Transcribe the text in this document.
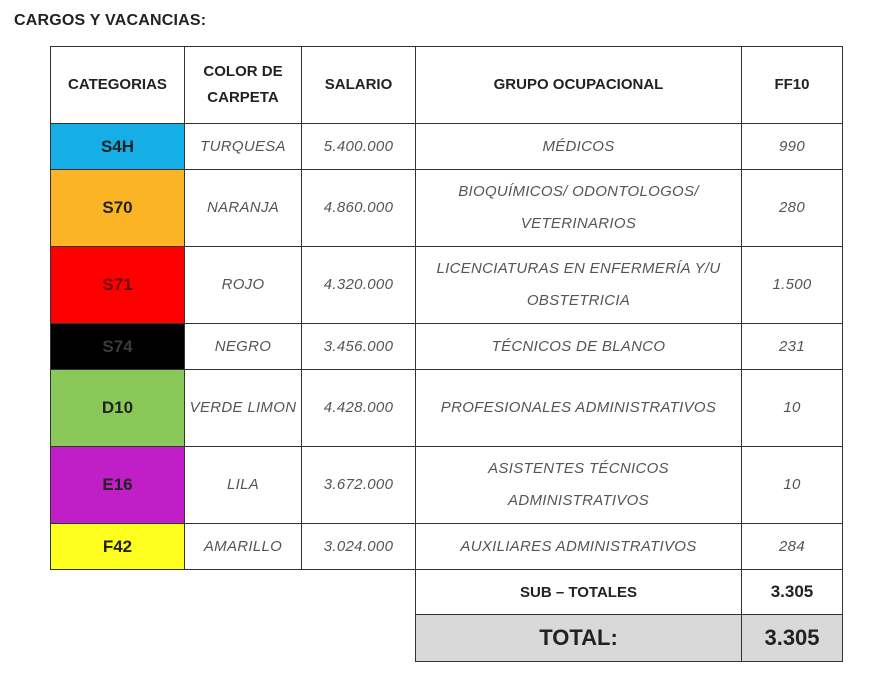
CARGOS Y VACANCIAS:
CATEGORIAS	COLOR DE CARPETA	SALARIO	GRUPO OCUPACIONAL	FF10
S4H	TURQUESA	5.400.000	MÉDICOS	990
S70	NARANJA	4.860.000	BIOQUÍMICOS/ ODONTOLOGOS/ VETERINARIOS	280
S71	ROJO	4.320.000	LICENCIATURAS EN ENFERMERÍA Y/U OBSTETRICIA	1.500
S74	NEGRO	3.456.000	TÉCNICOS DE BLANCO	231
D10	VERDE LIMON	4.428.000	PROFESIONALES ADMINISTRATIVOS	10
E16	LILA	3.672.000	ASISTENTES TÉCNICOS ADMINISTRATIVOS	10
F42	AMARILLO	3.024.000	AUXILIARES ADMINISTRATIVOS	284
			SUB – TOTALES	3.305
			TOTAL:	3.305
